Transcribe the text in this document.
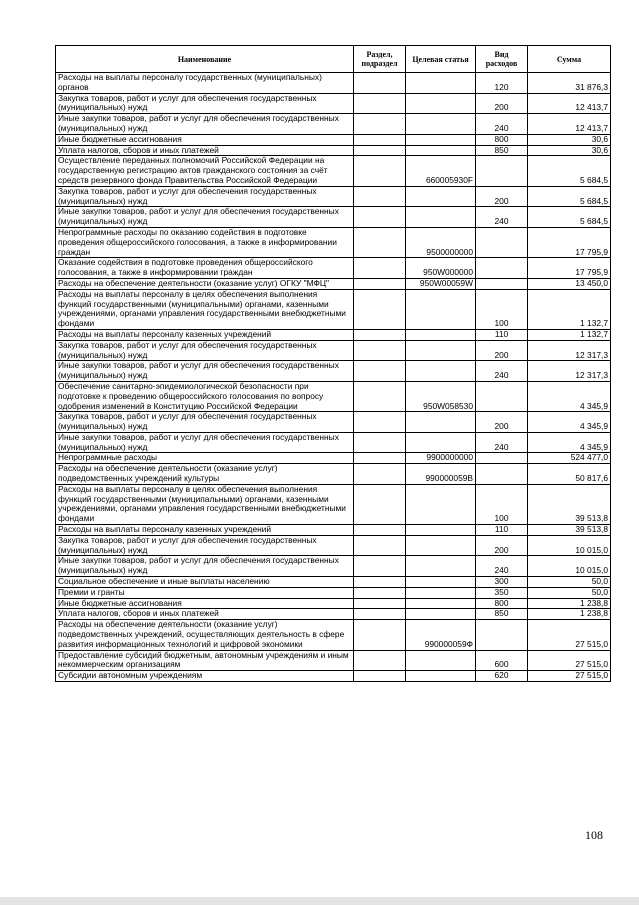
Наименование	Раздел, подраздел	Целевая статья	Вид расходов	Сумма
Расходы на выплаты персоналу государственных (муниципальных) органов			120	31 876,3
Закупка товаров, работ и услуг для обеспечения государственных (муниципальных) нужд			200	12 413,7
Иные закупки товаров, работ и услуг для обеспечения государственных (муниципальных) нужд			240	12 413,7
Иные бюджетные ассигнования			800	30,6
Уплата налогов, сборов и иных платежей			850	30,6
Осуществление переданных полномочий Российской Федерации на государственную регистрацию актов гражданского состояния за счёт средств резервного фонда Правительства Российской Федерации		660005930F		5 684,5
Закупка товаров, работ и услуг для обеспечения государственных (муниципальных) нужд			200	5 684,5
Иные закупки товаров, работ и услуг для обеспечения государственных (муниципальных) нужд			240	5 684,5
Непрограммные расходы по оказанию содействия в подготовке проведения общероссийского голосования, а также в информировании граждан		9500000000		17 795,9
Оказание содействия в подготовке проведения общероссийского голосования, а также в информировании граждан		950W000000		17 795,9
Расходы на обеспечение деятельности (оказание услуг) ОГКУ "МФЦ"		950W00059W		13 450,0
Расходы на выплаты персоналу в целях обеспечения выполнения функций государственными (муниципальными) органами, казенными учреждениями, органами управления государственными внебюджетными фондами			100	1 132,7
Расходы на выплаты персоналу казенных учреждений			110	1 132,7
Закупка товаров, работ и услуг для обеспечения государственных (муниципальных) нужд			200	12 317,3
Иные закупки товаров, работ и услуг для обеспечения государственных (муниципальных) нужд			240	12 317,3
Обеспечение санитарно-эпидемиологической безопасности при подготовке к проведению общероссийского голосования по вопросу одобрения изменений в Конституцию Российской Федерации		950W058530		4 345,9
Закупка товаров, работ и услуг для обеспечения государственных (муниципальных) нужд			200	4 345,9
Иные закупки товаров, работ и услуг для обеспечения государственных (муниципальных) нужд			240	4 345,9
Непрограммные расходы		9900000000		524 477,0
Расходы на обеспечение деятельности (оказание услуг) подведомственных учреждений культуры		990000059В		50 817,6
Расходы на выплаты персоналу в целях обеспечения выполнения функций государственными (муниципальными) органами, казенными учреждениями, органами управления государственными внебюджетными фондами			100	39 513,8
Расходы на выплаты персоналу казенных учреждений			110	39 513,8
Закупка товаров, работ и услуг для обеспечения государственных (муниципальных) нужд			200	10 015,0
Иные закупки товаров, работ и услуг для обеспечения государственных (муниципальных) нужд			240	10 015,0
Социальное обеспечение и иные выплаты населению			300	50,0
Премии и гранты			350	50,0
Иные бюджетные ассигнования			800	1 238,8
Уплата налогов, сборов и иных платежей			850	1 238,8
Расходы на обеспечение деятельности (оказание услуг) подведомственных учреждений, осуществляющих деятельность в сфере развития информационных технологий и цифровой экономики		990000059Ф		27 515,0
Предоставление субсидий бюджетным, автономным учреждениям и иным некоммерческим организациям			600	27 515,0
Субсидии автономным учреждениям			620	27 515,0
108
